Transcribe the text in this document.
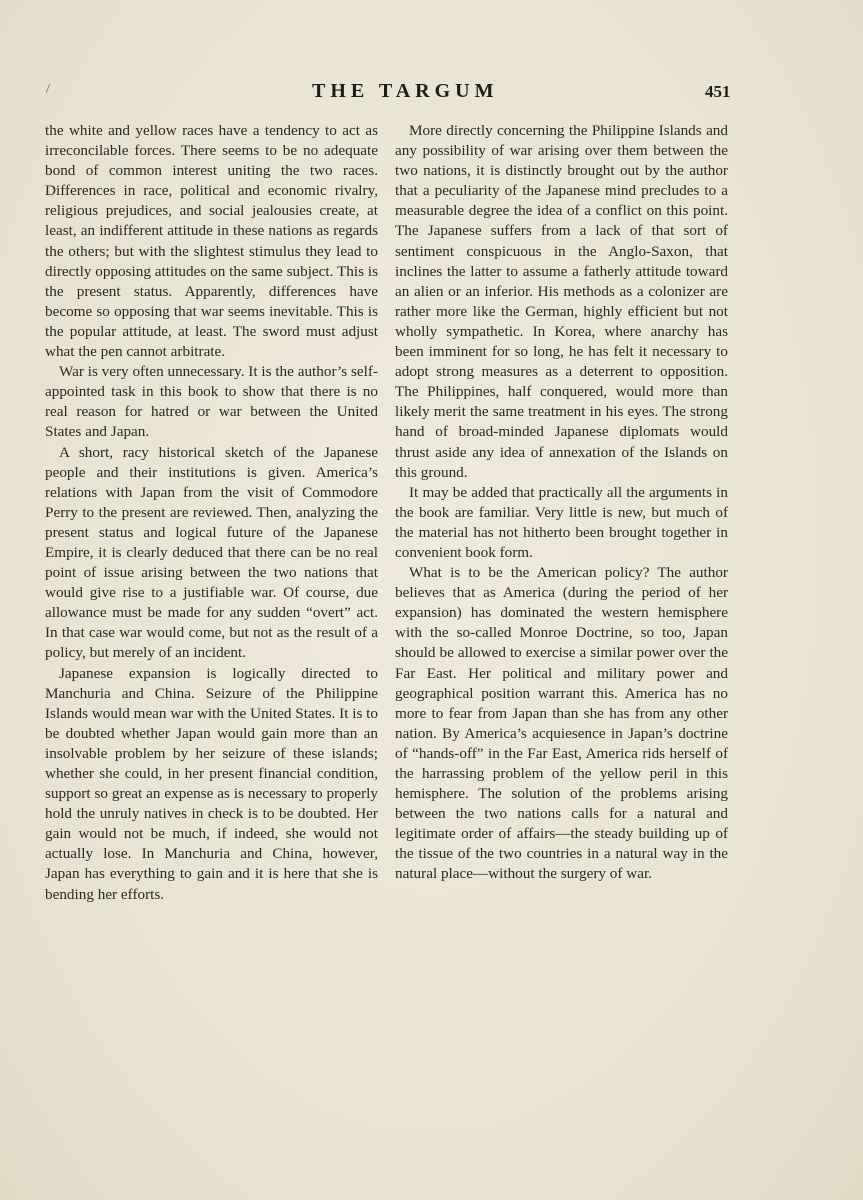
/	THE TARGUM	451

the white and yellow races have a tendency to act as irreconcilable forces. There seems to be no adequate bond of common interest uniting the two races. Differences in race, political and economic rivalry, religious prejudices, and social jealousies create, at least, an indifferent attitude in these nations as regards the others; but with the slightest stimulus they lead to directly opposing attitudes on the same subject. This is the present status. Apparently, differences have become so opposing that war seems inevitable. This is the popular attitude, at least. The sword must adjust what the pen cannot arbitrate.

War is very often unnecessary. It is the author’s self-appointed task in this book to show that there is no real reason for hatred or war between the United States and Japan.

A short, racy historical sketch of the Japanese people and their institutions is given. America’s relations with Japan from the visit of Commodore Perry to the present are reviewed. Then, analyzing the present status and logical future of the Japanese Empire, it is clearly deduced that there can be no real point of issue arising between the two nations that would give rise to a justifiable war. Of course, due allowance must be made for any sudden “overt” act. In that case war would come, but not as the result of a policy, but merely of an incident.

Japanese expansion is logically directed to Manchuria and China. Seizure of the Philippine Islands would mean war with the United States. It is to be doubted whether Japan would gain more than an insolvable problem by her seizure of these islands; whether she could, in her present financial condition, support so great an expense as is necessary to properly hold the unruly natives in check is to be doubted. Her gain would not be much, if indeed, she would not actually lose. In Manchuria and China, however, Japan has everything to gain and it is here that she is bending her efforts.

More directly concerning the Philippine Islands and any possibility of war arising over them between the two nations, it is distinctly brought out by the author that a peculiarity of the Japanese mind precludes to a measurable degree the idea of a conflict on this point. The Japanese suffers from a lack of that sort of sentiment conspicuous in the Anglo-Saxon, that inclines the latter to assume a fatherly attitude toward an alien or an inferior. His methods as a colonizer are rather more like the German, highly efficient but not wholly sympathetic. In Korea, where anarchy has been imminent for so long, he has felt it necessary to adopt strong measures as a deterrent to opposition. The Philippines, half conquered, would more than likely merit the same treatment in his eyes. The strong hand of broad-minded Japanese diplomats would thrust aside any idea of annexation of the Islands on this ground.

It may be added that practically all the arguments in the book are familiar. Very little is new, but much of the material has not hitherto been brought together in convenient book form.

What is to be the American policy? The author believes that as America (during the period of her expansion) has dominated the western hemisphere with the so-called Monroe Doctrine, so too, Japan should be allowed to exercise a similar power over the Far East. Her political and military power and geographical position warrant this. America has no more to fear from Japan than she has from any other nation. By America’s acquiesence in Japan’s doctrine of “hands-off” in the Far East, America rids herself of the harrassing problem of the yellow peril in this hemisphere. The solution of the problems arising between the two nations calls for a natural and legitimate order of affairs—the steady building up of the tissue of the two countries in a natural way in the natural place—without the surgery of war.
